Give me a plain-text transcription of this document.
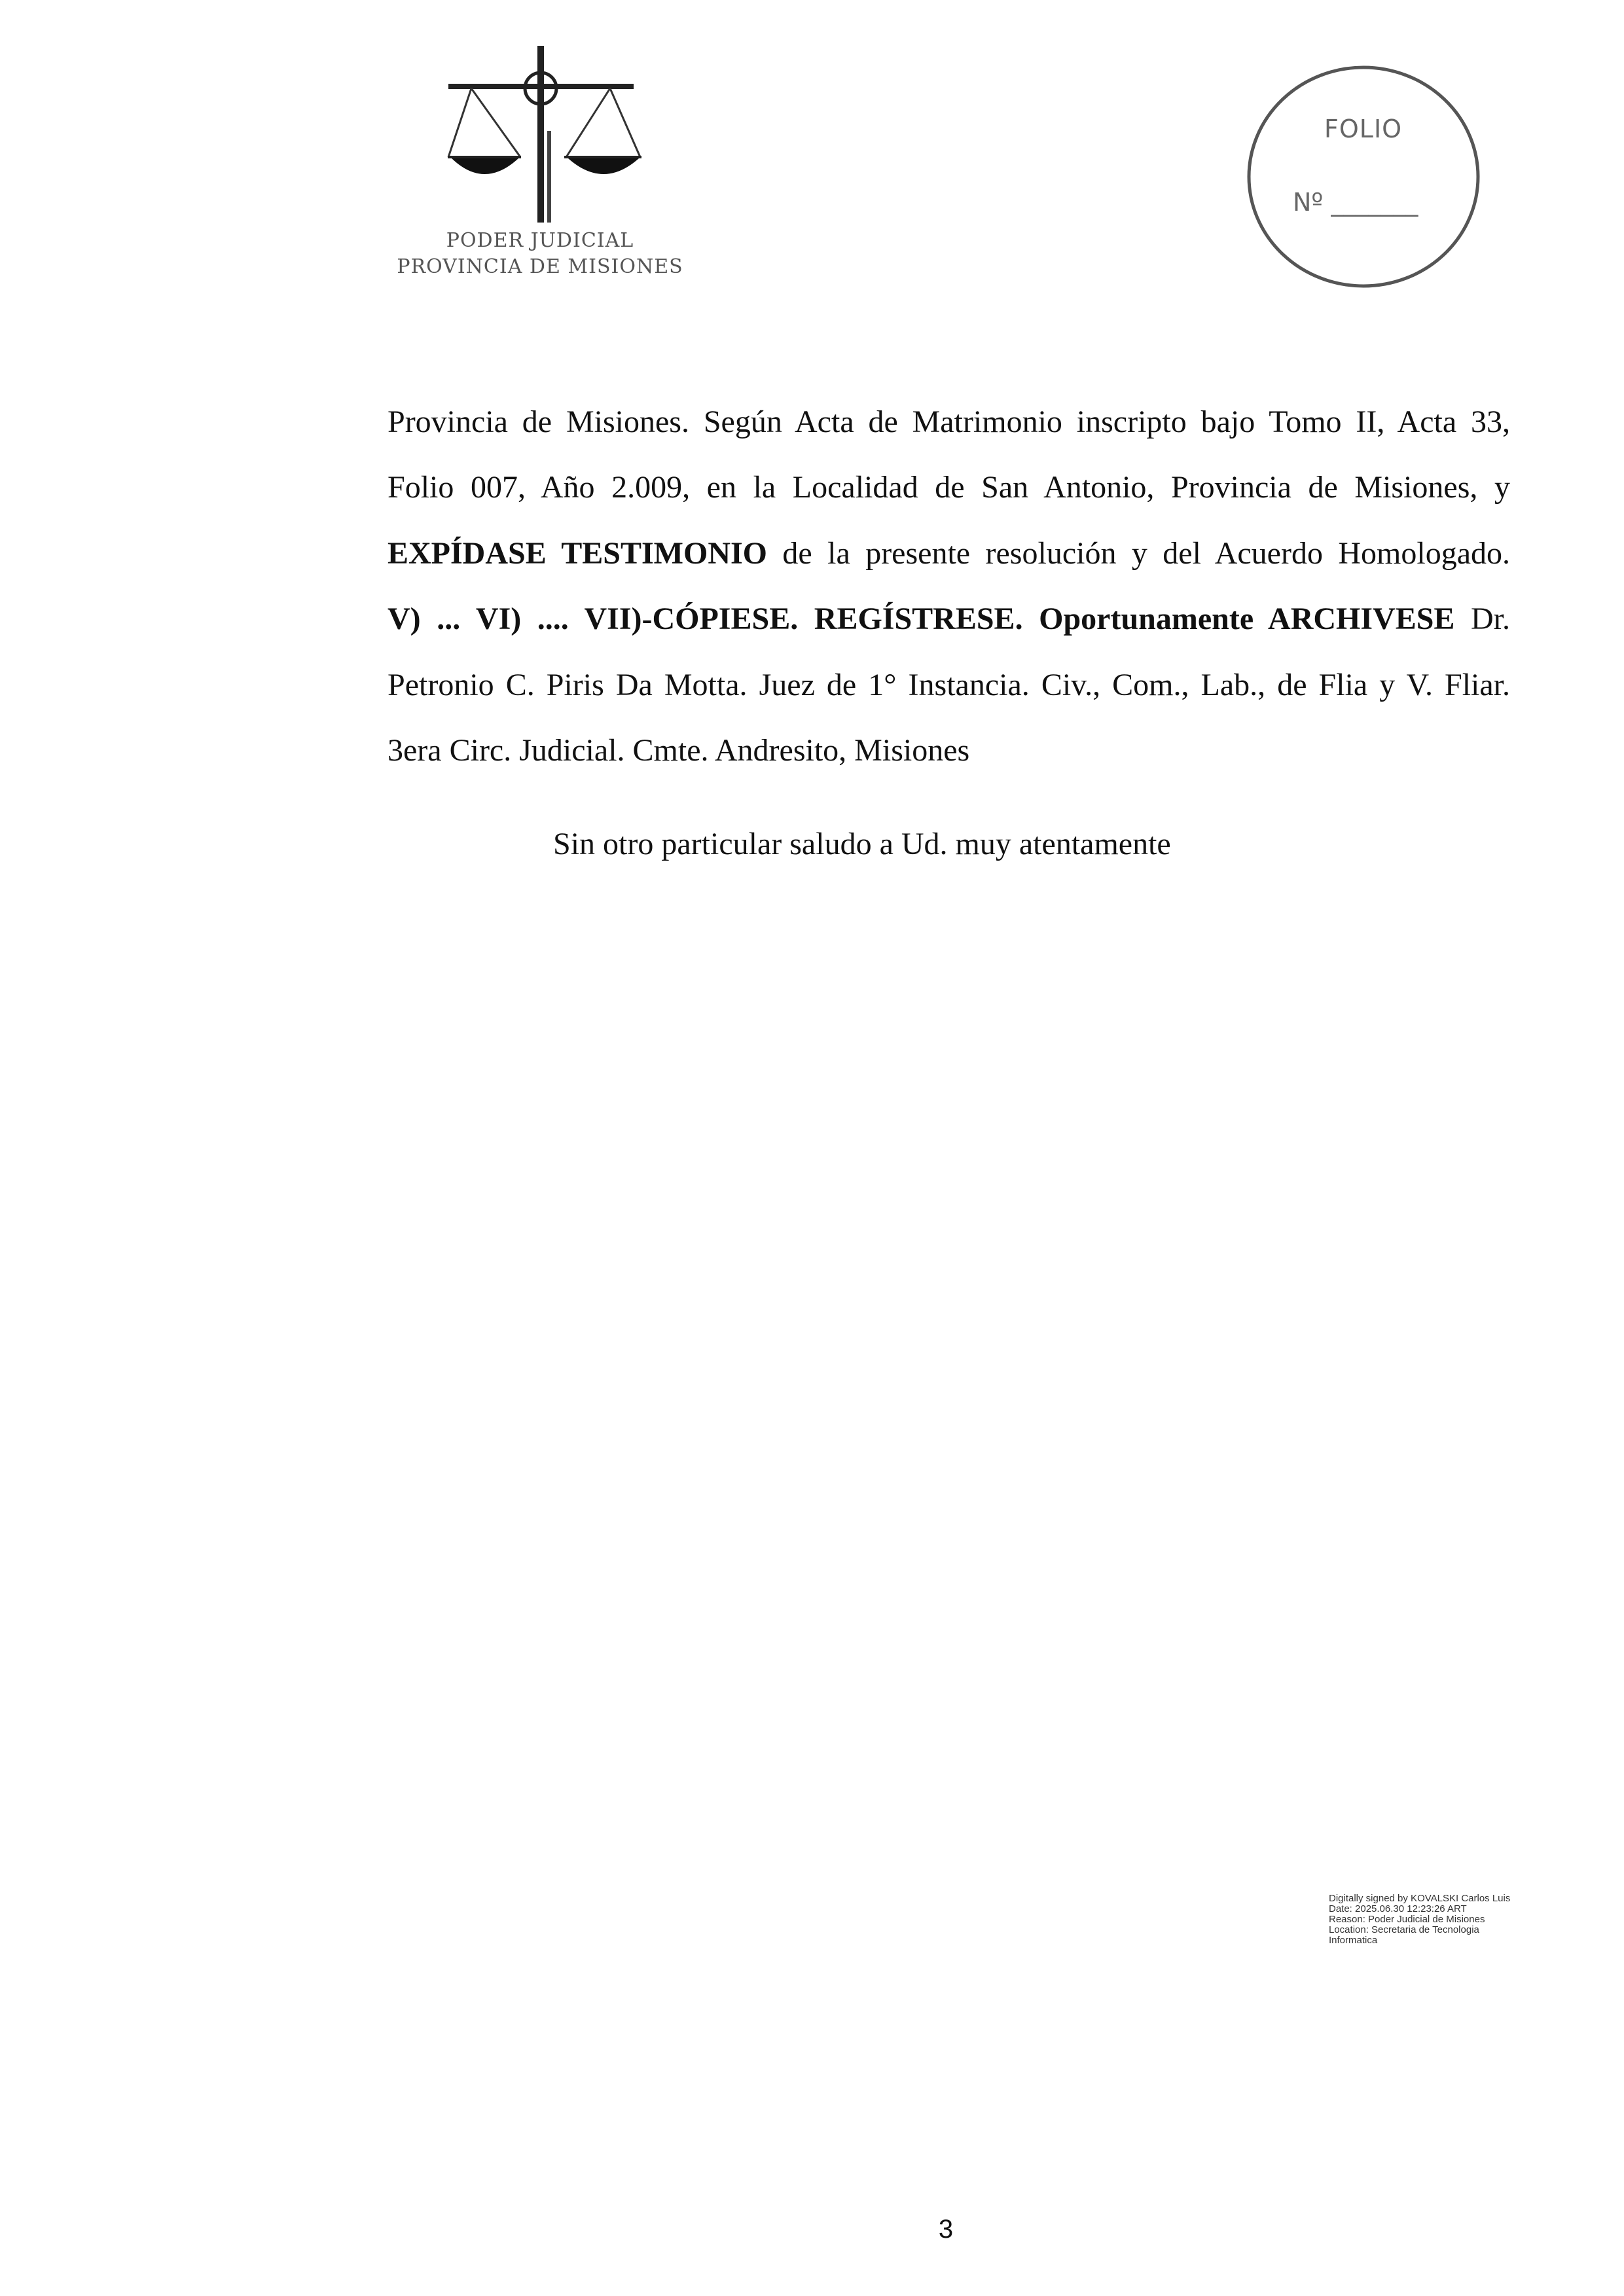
PODER JUDICIAL
PROVINCIA DE MISIONES
FOLIO
Nº _______
Provincia de Misiones. Según Acta de Matrimonio inscripto bajo Tomo II, Acta 33,
Folio 007, Año 2.009, en la Localidad de San Antonio, Provincia de Misiones, y
EXPÍDASE TESTIMONIO de la presente resolución y del Acuerdo Homologado.
V) ... VI) .... VII)-CÓPIESE. REGÍSTRESE. Oportunamente ARCHIVESE Dr.
Petronio C. Piris Da Motta. Juez de 1° Instancia. Civ., Com., Lab., de Flia y V. Fliar.
3era Circ. Judicial. Cmte. Andresito, Misiones
Sin otro particular saludo a Ud. muy atentamente
Digitally signed by KOVALSKI Carlos Luis
Date: 2025.06.30 12:23:26 ART
Reason: Poder Judicial de Misiones
Location: Secretaria de Tecnologia
Informatica
3
